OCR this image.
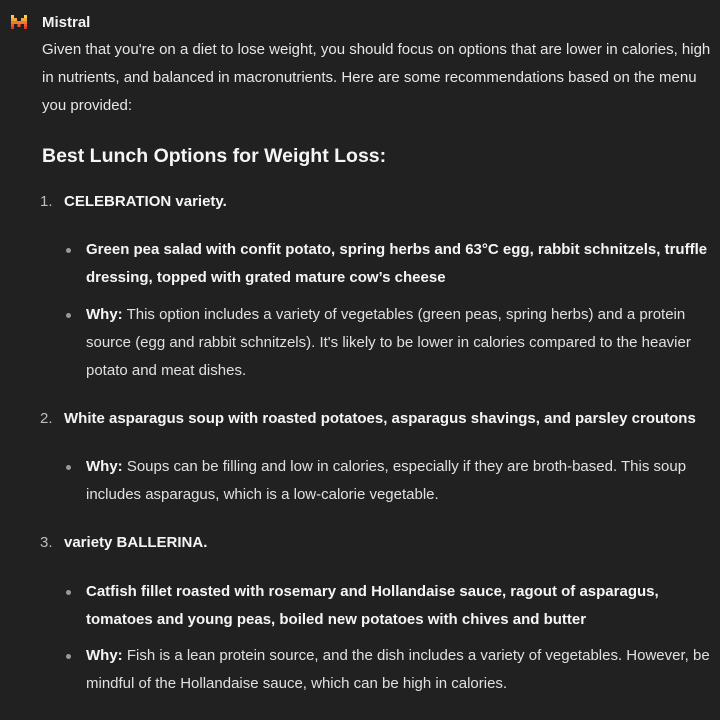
Mistral

Given that you're on a diet to lose weight, you should focus on options that are lower in calories, high in nutrients, and balanced in macronutrients. Here are some recommendations based on the menu you provided:

Best Lunch Options for Weight Loss:
1. CELEBRATION variety.
Green pea salad with confit potato, spring herbs and 63°C egg, rabbit schnitzels, truffle dressing, topped with grated mature cow’s cheese
Why: This option includes a variety of vegetables (green peas, spring herbs) and a protein source (egg and rabbit schnitzels). It's likely to be lower in calories compared to the heavier potato and meat dishes.
2. White asparagus soup with roasted potatoes, asparagus shavings, and parsley croutons
Why: Soups can be filling and low in calories, especially if they are broth-based. This soup includes asparagus, which is a low-calorie vegetable.
3. variety BALLERINA.
Catfish fillet roasted with rosemary and Hollandaise sauce, ragout of asparagus, tomatoes and young peas, boiled new potatoes with chives and butter
Why: Fish is a lean protein source, and the dish includes a variety of vegetables. However, be mindful of the Hollandaise sauce, which can be high in calories.
